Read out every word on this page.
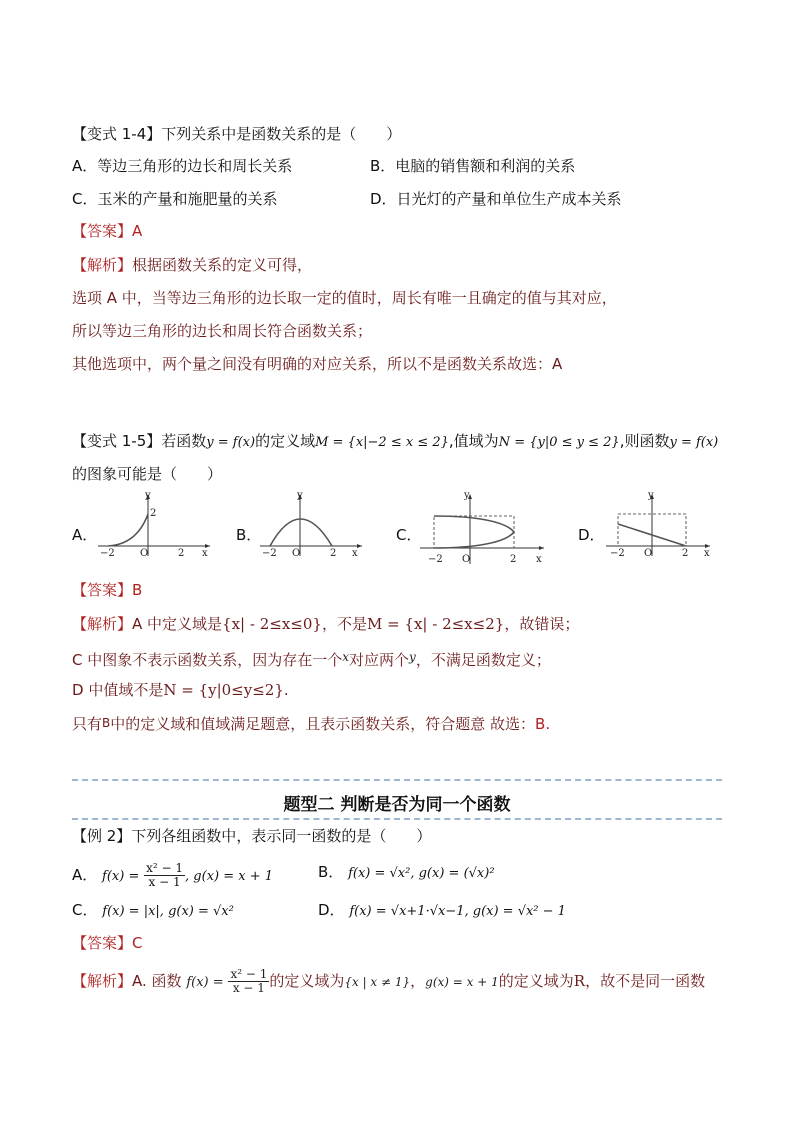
【变式 1-4】下列关系中是函数关系的是（　　）
A．等边三角形的边长和周长关系	B．电脑的销售额和利润的关系
C．玉米的产量和施肥量的关系	D．日光灯的产量和单位生产成本关系
【答案】A
【解析】根据函数关系的定义可得，
选项 A 中，当等边三角形的边长取一定的值时，周长有唯一且确定的值与其对应，
所以等边三角形的边长和周长符合函数关系；
其他选项中，两个量之间没有明确的对应关系，所以不是函数关系故选：A
【变式 1-5】若函数y = f(x)的定义域M = {x|−2 ≤ x ≤ 2},值域为N = {y|0 ≤ y ≤ 2},则函数y = f(x)
的图象可能是（　　）
A．	B．	C．	D．
y
2
−2	O	2 x
y
−2 O	2 x
y
−2 O	2 x
y
−2 O	2 x
【答案】B
【解析】A 中定义域是{x| - 2≤x≤0}，不是M = {x| - 2≤x≤2}，故错误；
C 中图象不表示函数关系，因为存在一个$^x$对应两个$^y$，不满足函数定义；
D 中值域不是N = {y|0≤y≤2}.
只有B中的定义域和值域满足题意，且表示函数关系，符合题意 故选：B.
题型二 判断是否为同一个函数
【例 2】下列各组函数中，表示同一函数的是（　　）
A． $f(x) = \frac{\text{x² − 1}}{x - 1}$ , g(x) = x + 1	B． f(x) = √x², g(x) = (√x)²
C． f(x) = |x|, g(x) = √x²	D． f(x) = √x+1·√x−1, g(x) = √x² − 1
【答案】C
【解析】A. 函数 $f(x) = \frac{\text{x² − 1}}{x - 1}$ 的定义域为{x | x ≠ 1}，g(x) = x + 1的定义域为R，故不是同一函数
